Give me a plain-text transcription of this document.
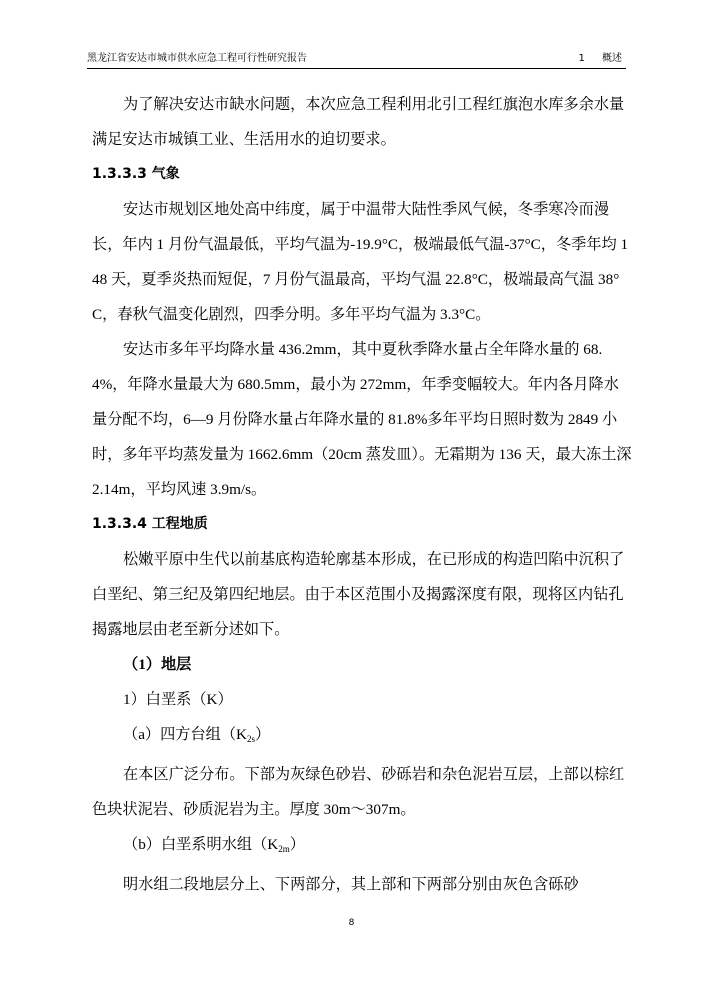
黑龙江省安达市城市供水应急工程可行性研究报告	1 概述

为了解决安达市缺水问题，本次应急工程利用北引工程红旗泡水库多余水量满足安达市城镇工业、生活用水的迫切要求。

1.3.3.3 气象

安达市规划区地处高中纬度，属于中温带大陆性季风气候，冬季寒冷而漫长，年内 1 月份气温最低，平均气温为-19.9°C，极端最低气温-37°C，冬季年均 148 天，夏季炎热而短促，7 月份气温最高，平均气温 22.8°C，极端最高气温 38°C，春秋气温变化剧烈，四季分明。多年平均气温为 3.3°C。

安达市多年平均降水量 436.2mm，其中夏秋季降水量占全年降水量的 68.4%，年降水量最大为 680.5mm，最小为 272mm，年季变幅较大。年内各月降水量分配不均，6—9 月份降水量占年降水量的 81.8%多年平均日照时数为 2849 小时，多年平均蒸发量为 1662.6mm（20cm 蒸发皿）。无霜期为 136 天，最大冻土深 2.14m，平均风速 3.9m/s。

1.3.3.4 工程地质

松嫩平原中生代以前基底构造轮廓基本形成，在已形成的构造凹陷中沉积了白垩纪、第三纪及第四纪地层。由于本区范围小及揭露深度有限，现将区内钻孔揭露地层由老至新分述如下。

（1）地层

1）白垩系（K）

（a）四方台组（K2s）

在本区广泛分布。下部为灰绿色砂岩、砂砾岩和杂色泥岩互层，上部以棕红色块状泥岩、砂质泥岩为主。厚度 30m～307m。

（b）白垩系明水组（K2m）

明水组二段地层分上、下两部分，其上部和下两部分别由灰色含砾砂

8
